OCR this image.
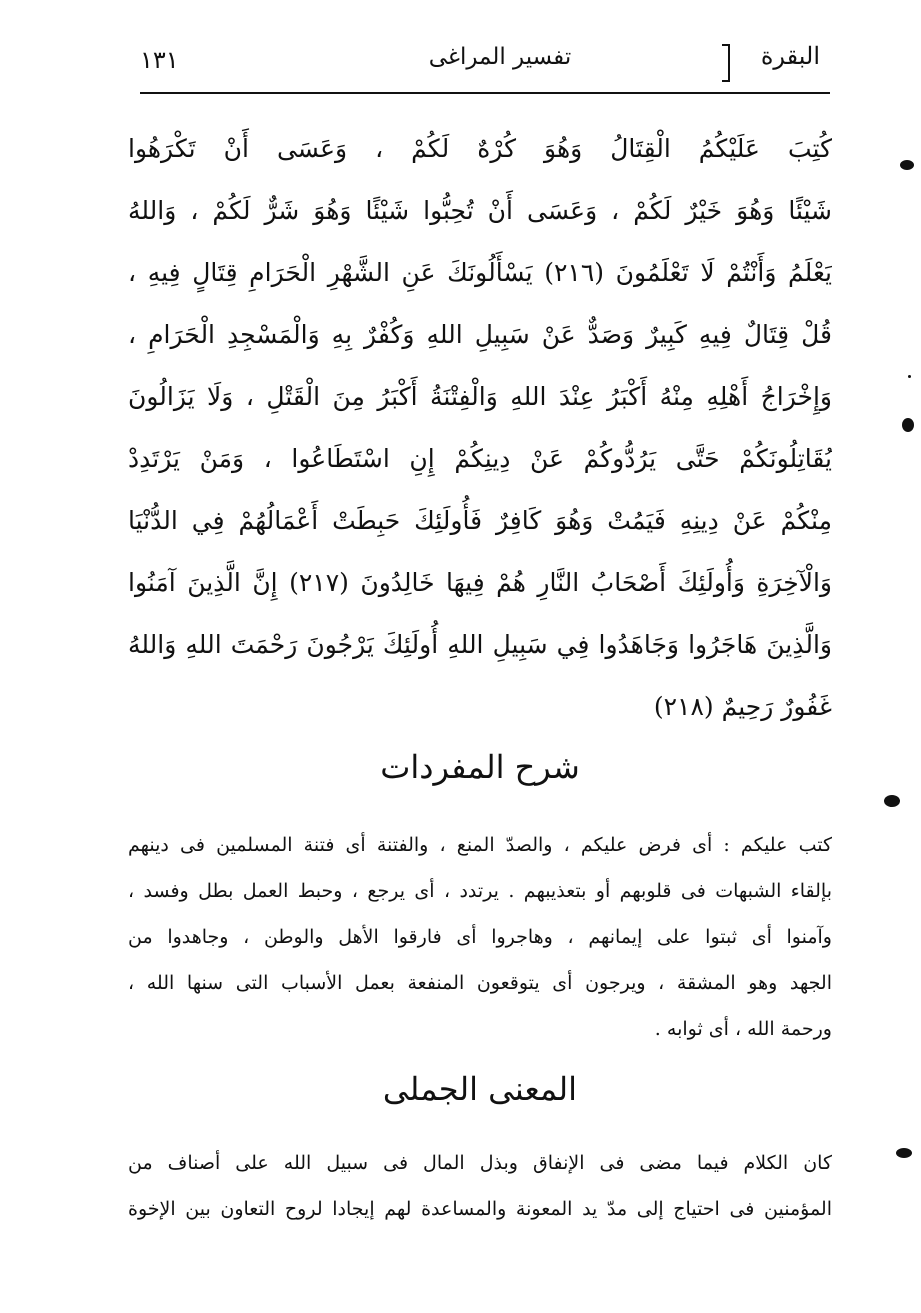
١٣١	تفسير المراغى	البقرة
كُتِبَ عَلَيْكُمُ الْقِتَالُ وَهُوَ كُرْهٌ لَكُمْ ، وَعَسَى أَنْ تَكْرَهُوا
شَيْئًا وَهُوَ خَيْرٌ لَكُمْ ، وَعَسَى أَنْ تُحِبُّوا شَيْئًا وَهُوَ شَرٌّ لَكُمْ ، وَاللهُ
يَعْلَمُ وَأَنْتُمْ لَا تَعْلَمُونَ (٢١٦) يَسْأَلُونَكَ عَنِ الشَّهْرِ الْحَرَامِ قِتَالٍ فِيهِ ،
قُلْ قِتَالٌ فِيهِ كَبِيرٌ وَصَدٌّ عَنْ سَبِيلِ اللهِ وَكُفْرٌ بِهِ وَالْمَسْجِدِ الْحَرَامِ ،
وَإِخْرَاجُ أَهْلِهِ مِنْهُ أَكْبَرُ عِنْدَ اللهِ وَالْفِتْنَةُ أَكْبَرُ مِنَ الْقَتْلِ ، وَلَا يَزَالُونَ
يُقَاتِلُونَكُمْ حَتَّى يَرُدُّوكُمْ عَنْ دِينِكُمْ إِنِ اسْتَطَاعُوا ، وَمَنْ يَرْتَدِدْ
مِنْكُمْ عَنْ دِينِهِ فَيَمُتْ وَهُوَ كَافِرٌ فَأُولَئِكَ حَبِطَتْ أَعْمَالُهُمْ فِي الدُّنْيَا
وَالْآخِرَةِ وَأُولَئِكَ أَصْحَابُ النَّارِ هُمْ فِيهَا خَالِدُونَ (٢١٧) إِنَّ الَّذِينَ آمَنُوا
وَالَّذِينَ هَاجَرُوا وَجَاهَدُوا فِي سَبِيلِ اللهِ أُولَئِكَ يَرْجُونَ رَحْمَتَ اللهِ وَاللهُ
غَفُورٌ رَحِيمٌ (٢١٨)
شرح المفردات
كتب عليكم : أى فرض عليكم ، والصدّ المنع ، والفتنة أى فتنة المسلمين فى دينهم
بإلقاء الشبهات فى قلوبهم أو بتعذيبهم . يرتدد ، أى يرجع ، وحبط العمل بطل وفسد ،
وآمنوا أى ثبتوا على إيمانهم ، وهاجروا أى فارقوا الأهل والوطن ، وجاهدوا من
الجهد وهو المشقة ، ويرجون أى يتوقعون المنفعة بعمل الأسباب التى سنها الله ،
ورحمة الله ، أى ثوابه .
المعنى الجملى
كان الكلام فيما مضى فى الإنفاق وبذل المال فى سبيل الله على أصناف من
المؤمنين فى احتياج إلى مدّ يد المعونة والمساعدة لهم إيجادا لروح التعاون بين الإخوة
